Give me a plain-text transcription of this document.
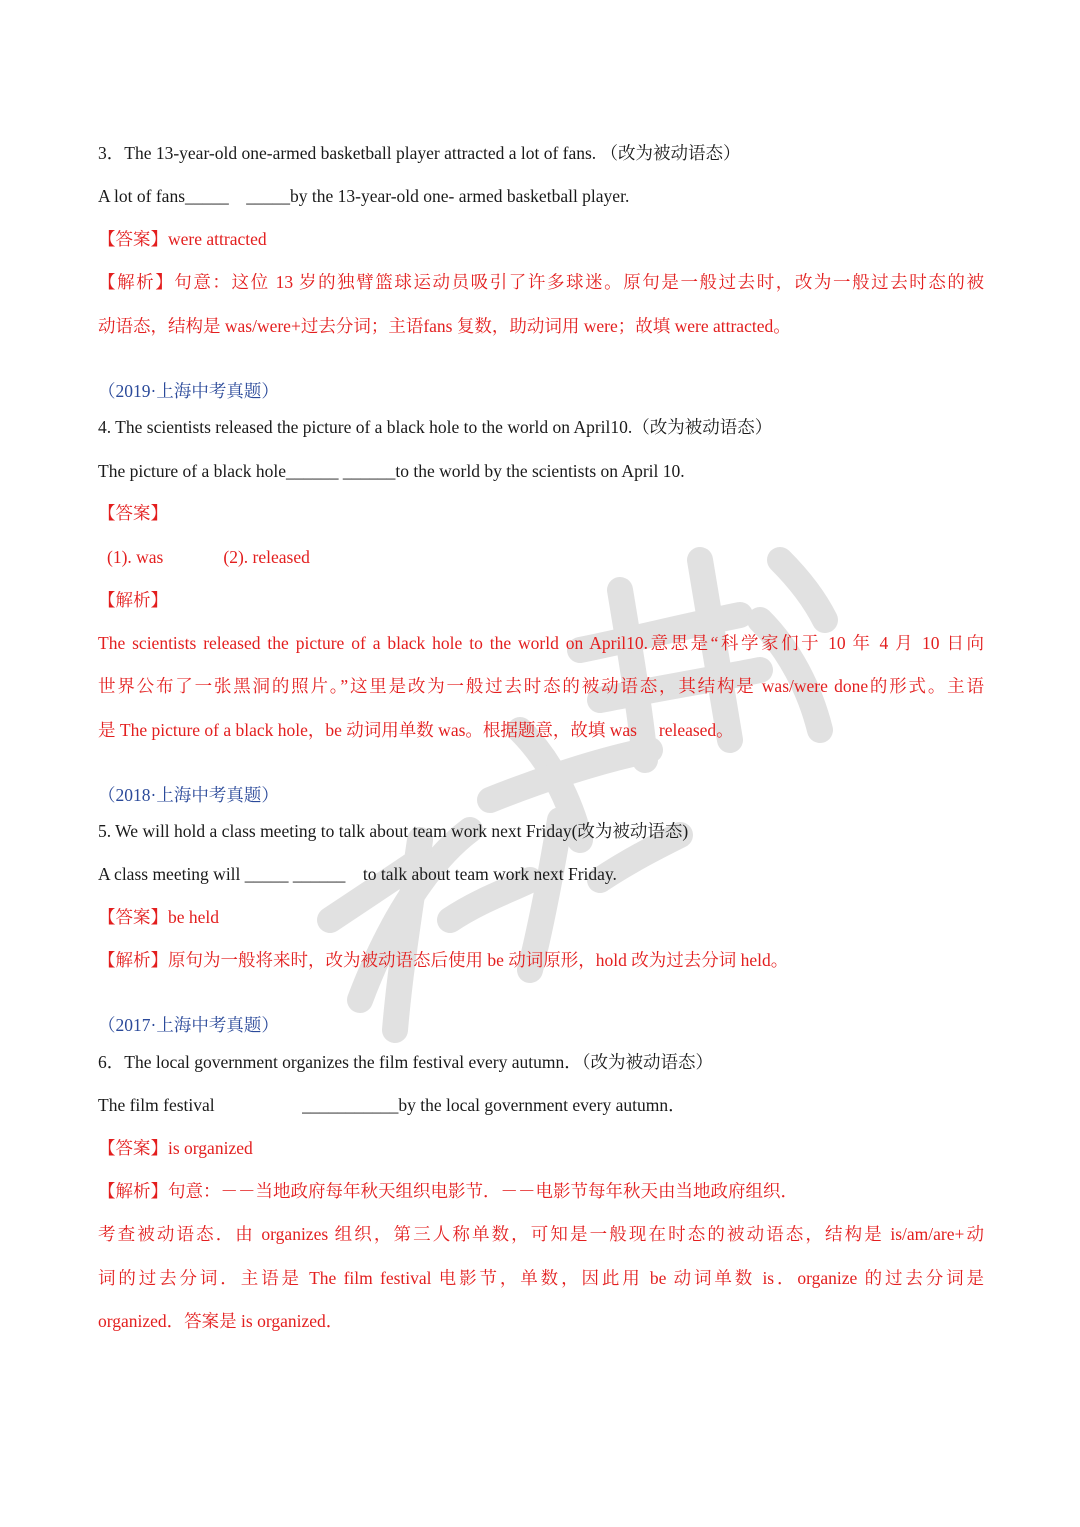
3．The 13-year-old one-armed basketball player attracted a lot of fans. （改为被动语态）
A lot of fans_____　_____by the 13-year-old one- armed basketball player.
【答案】were attracted
【解析】句意：这位 13 岁的独臂篮球运动员吸引了许多球迷。原句是一般过去时，改为一般过去时态的被
动语态，结构是 was/were+过去分词；主语fans 复数，助动词用 were；故填 were attracted。
（2019·上海中考真题）
4. The scientists released the picture of a black hole to the world on April10.（改为被动语态）
The picture of a black hole______ ______to the world by the scientists on April 10.
【答案】
(1). was	(2). released
【解析】
The scientists released the picture of a black hole to the world on April10.意思是“科学家们于 10 年 4 月 10 日向
世界公布了一张黑洞的照片。”这里是改为一般过去时态的被动语态，其结构是 was/were done的形式。主语
是 The picture of a black hole，be 动词用单数 was。根据题意，故填 was　 released。
（2018·上海中考真题）
5. We will hold a class meeting to talk about team work next Friday(改为被动语态)
A class meeting will _____ ______　to talk about team work next Friday.
【答案】be held
【解析】原句为一般将来时，改为被动语态后使用 be 动词原形，hold 改为过去分词 held。
（2017·上海中考真题）
6．The local government organizes the film festival every autumn．（改为被动语态）
The film festival　　　　　___________by the local government every autumn．
【答案】is organized
【解析】句意：－－当地政府每年秋天组织电影节．－－电影节每年秋天由当地政府组织．
考查被动语态．由 organizes 组织，第三人称单数，可知是一般现在时态的被动语态，结构是 is/am/are+动
词的过去分词．主语是 The film festival 电影节，单数，因此用 be 动词单数 is．organize 的过去分词是
organized．答案是 is organized．
